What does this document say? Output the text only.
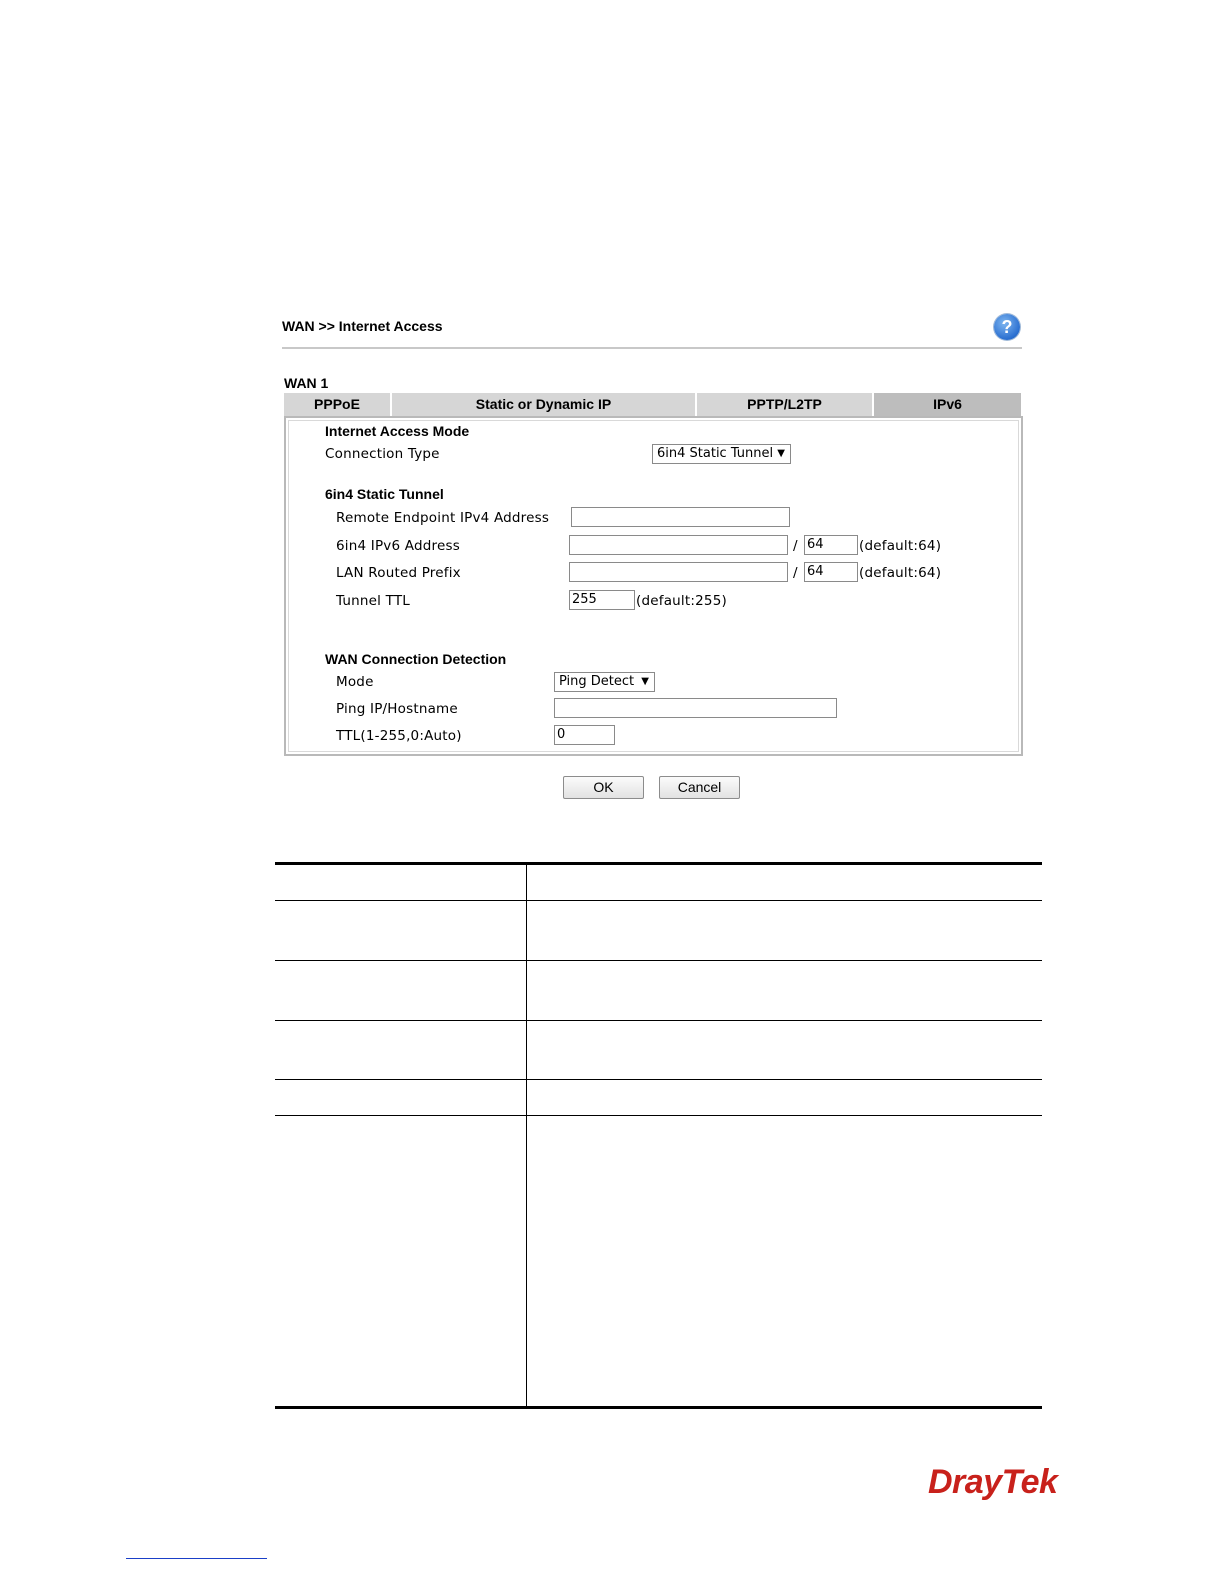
WAN >> Internet Access	?
WAN 1
PPPoE	Static or Dynamic IP	PPTP/L2TP	IPv6
Internet Access Mode
Connection Type	6in4 Static Tunnel ▼
6in4 Static Tunnel
Remote Endpoint IPv4 Address
6in4 IPv6 Address	/ 64	(default:64)
LAN Routed Prefix	/ 64	(default:64)
Tunnel TTL	255	(default:255)
WAN Connection Detection
Mode	Ping Detect ▼
Ping IP/Hostname
TTL(1-255,0:Auto)	0
OK	Cancel
DrayTek
